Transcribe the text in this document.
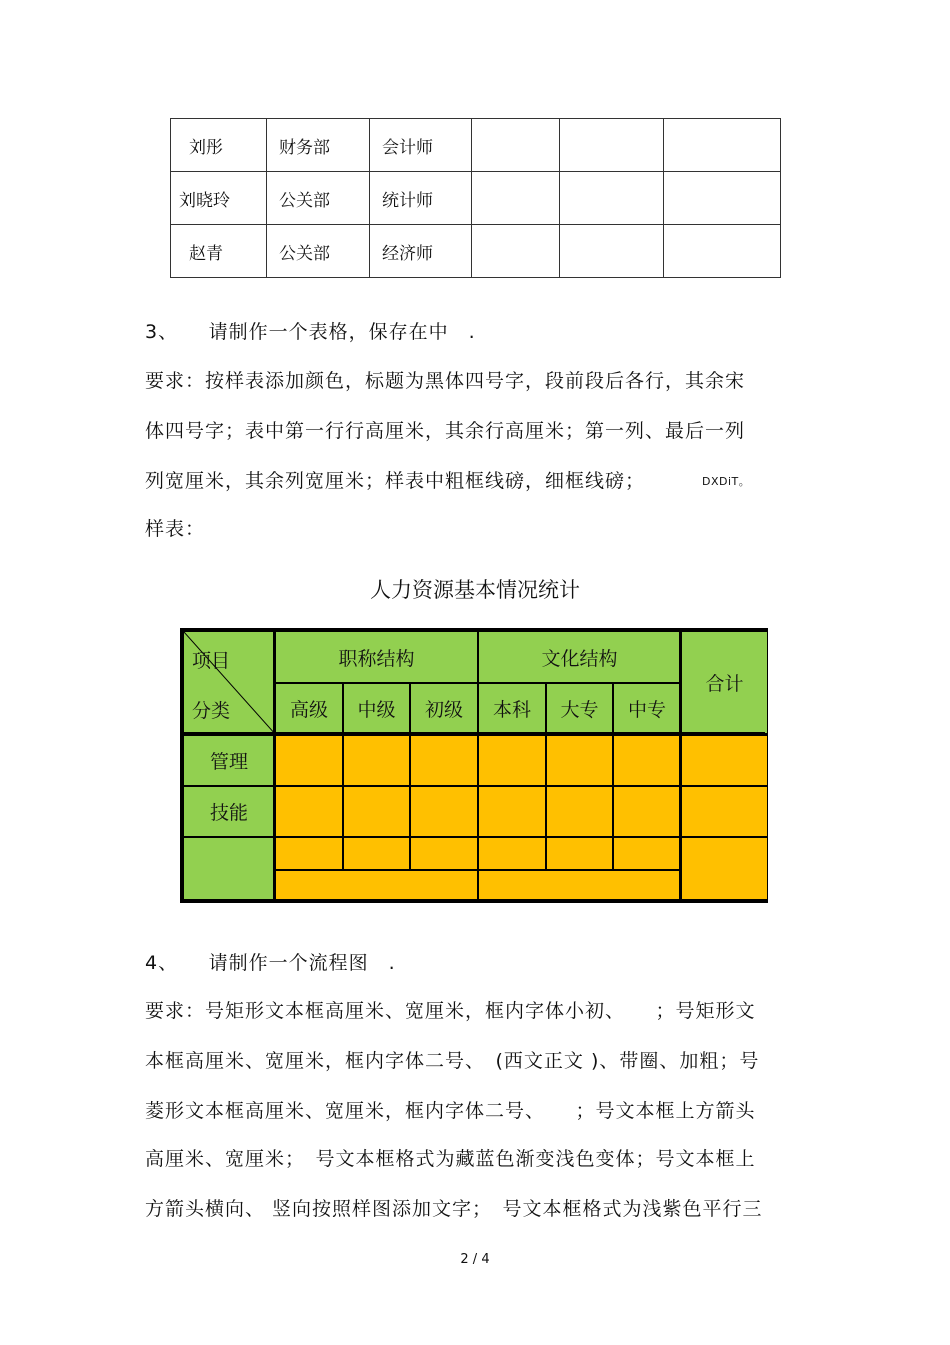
刘彤	财务部	会计师			
刘晓玲	公关部	统计师			
赵青	公关部	经济师			
3、　　请制作一个表格，保存在中　.
要求：按样表添加颜色，标题为黑体四号字，段前段后各行，其余宋
体四号字；表中第一行行高厘米，其余行高厘米；第一列、最后一列
列宽厘米，其余列宽厘米；样表中粗框线磅，细框线磅；	DXDiT。
样表：
人力资源基本情况统计
项目
分类
职称结构	文化结构
合计
高级	中级	初级	本科	大专	中专
管理
技能
4、　　请制作一个流程图　.
要求：号矩形文本框高厘米、宽厘米，框内字体小初、　　；号矩形文
本框高厘米、宽厘米，框内字体二号、　(西文正文 )、带圈、加粗；号
菱形文本框高厘米、宽厘米，框内字体二号、　　；号文本框上方箭头
高厘米、宽厘米；　号文本框格式为藏蓝色渐变浅色变体；号文本框上
方箭头横向、 竖向按照样图添加文字；　号文本框格式为浅紫色平行三
2 / 4
